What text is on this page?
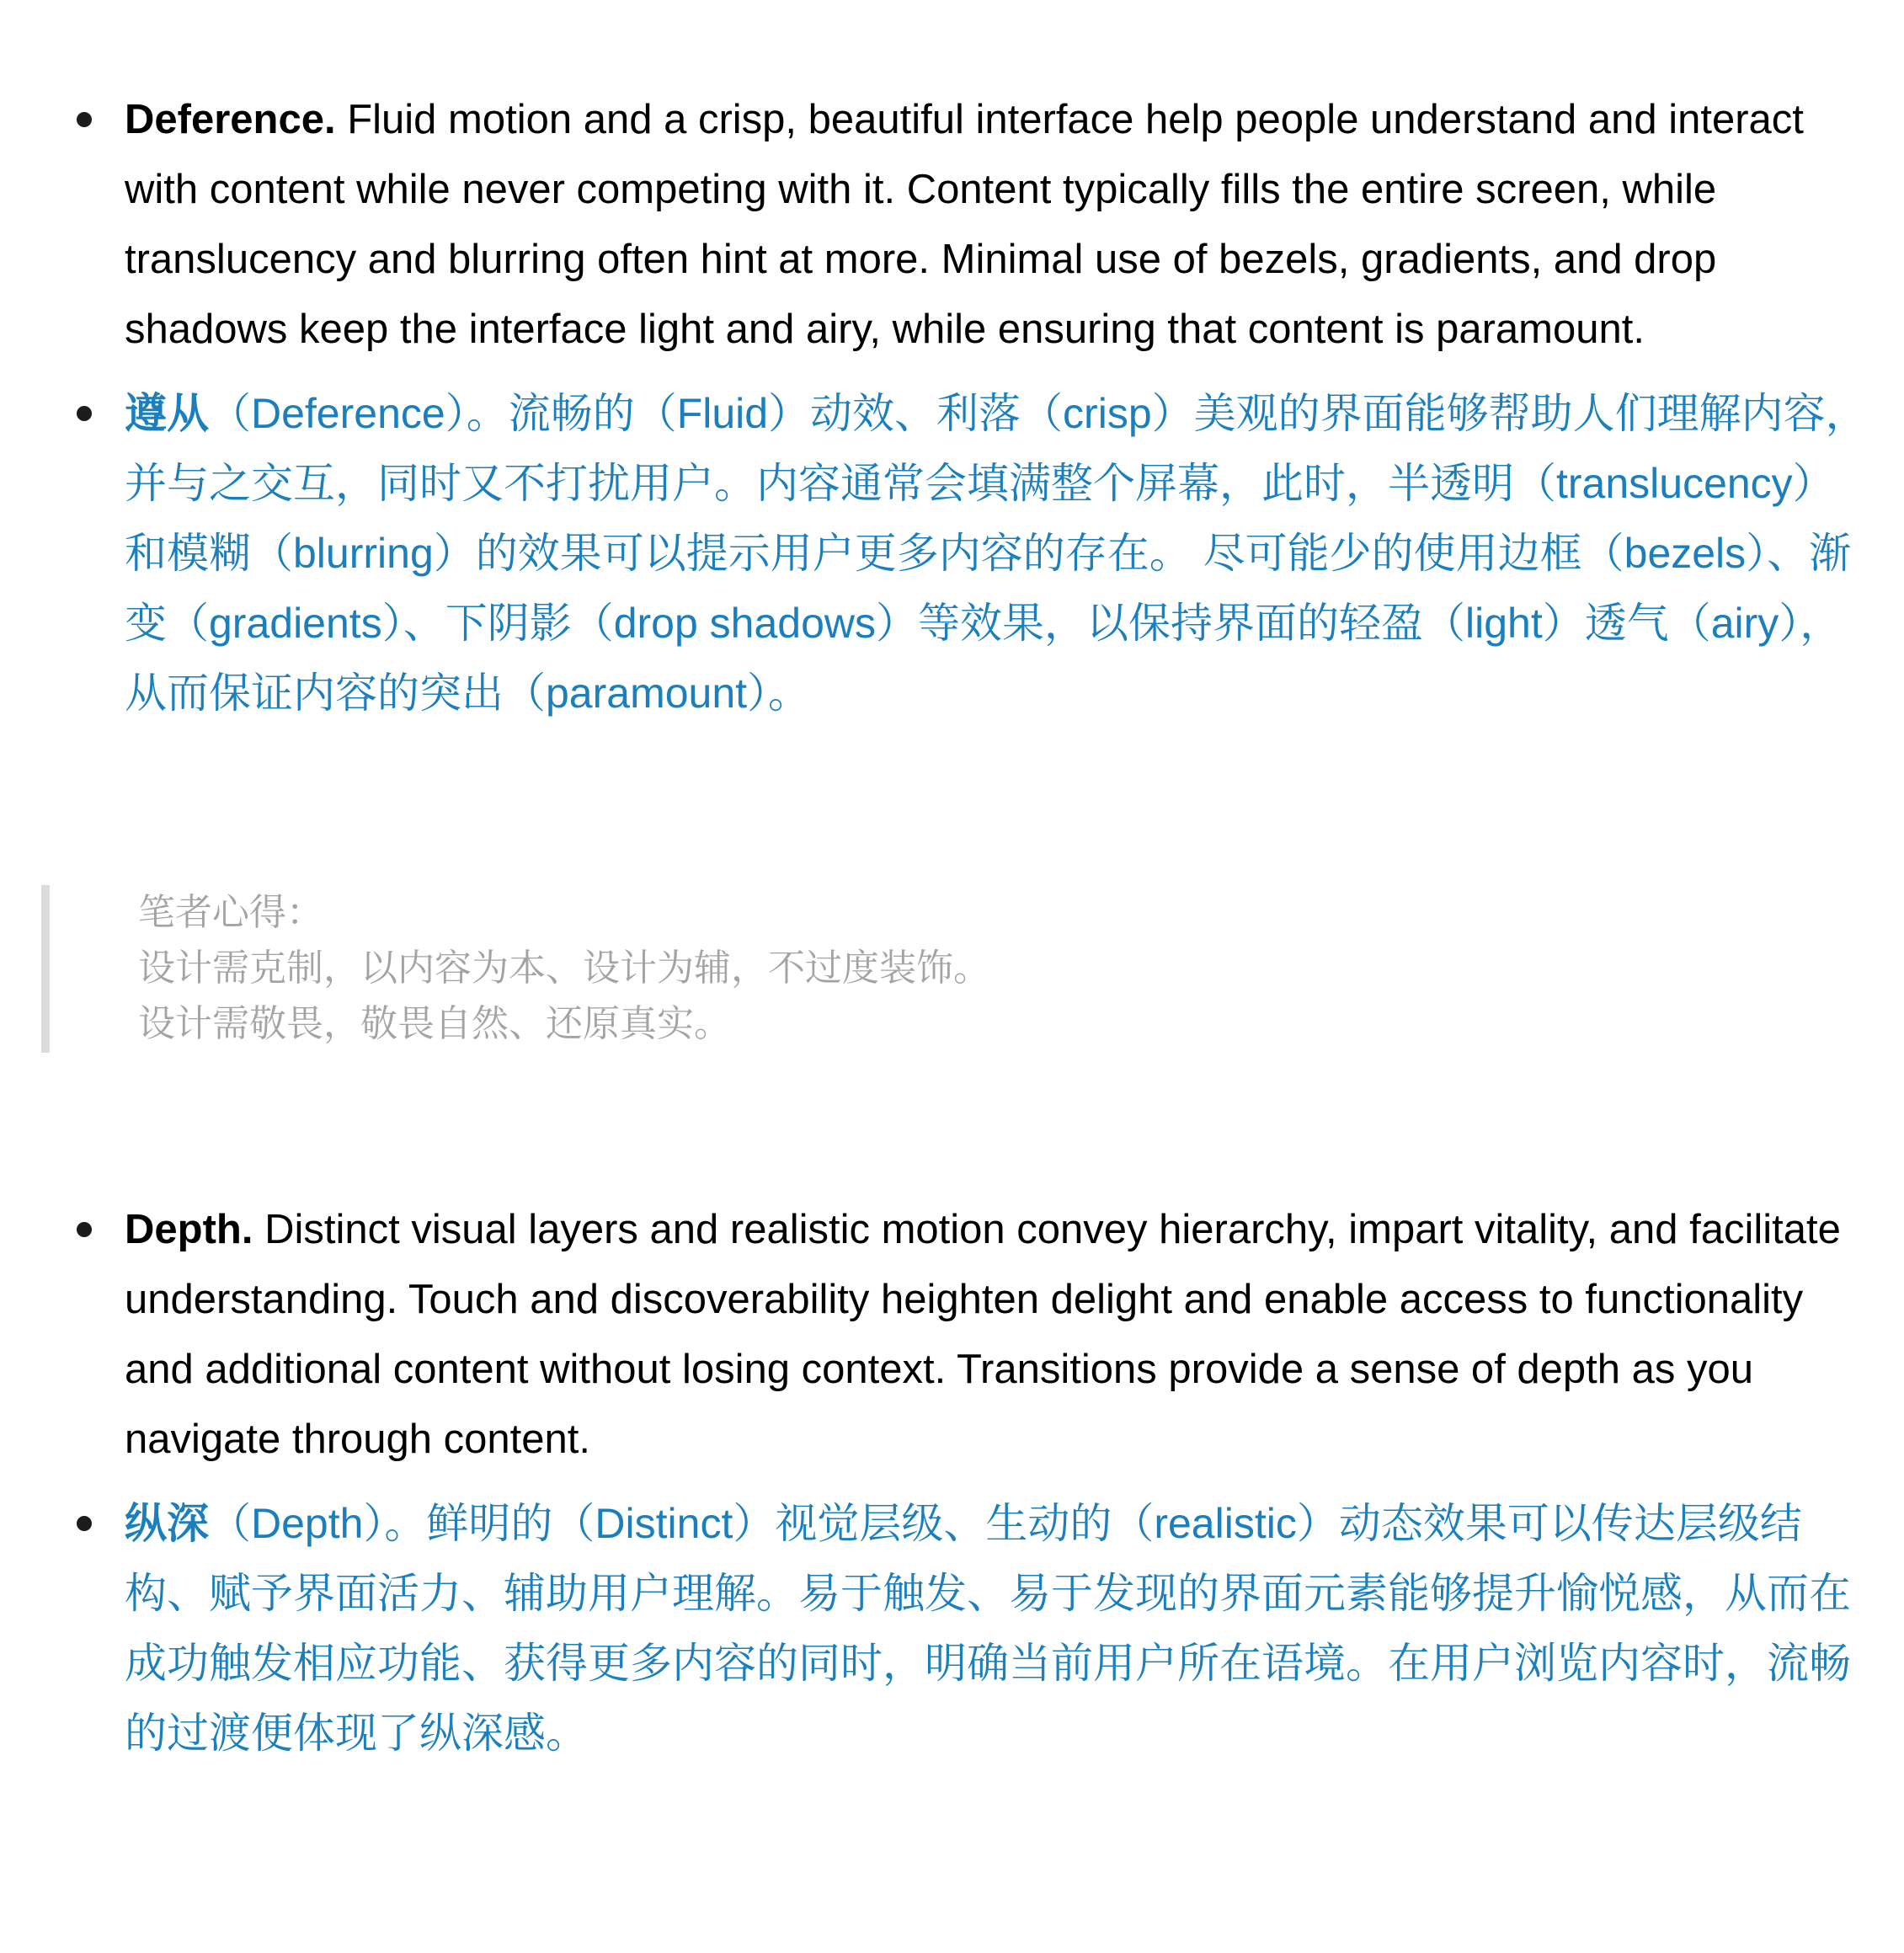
Deference. Fluid motion and a crisp, beautiful interface help people understand and interact with content while never competing with it. Content typically fills the entire screen, while translucency and blurring often hint at more. Minimal use of bezels, gradients, and drop shadows keep the interface light and airy, while ensuring that content is paramount.
遵从（Deference）。流畅的（Fluid）动效、利落（crisp）美观的界面能够帮助人们理解内容，并与之交互，同时又不打扰用户。内容通常会填满整个屏幕，此时，半透明（translucency）和模糊（blurring）的效果可以提示用户更多内容的存在。 尽可能少的使用边框（bezels）、渐变（gradients）、下阴影（drop shadows）等效果，以保持界面的轻盈（light）透气（airy），从而保证内容的突出（paramount）。
笔者心得：
设计需克制，以内容为本、设计为辅，不过度装饰。
设计需敬畏，敬畏自然、还原真实。
Depth. Distinct visual layers and realistic motion convey hierarchy, impart vitality, and facilitate understanding. Touch and discoverability heighten delight and enable access to functionality and additional content without losing context. Transitions provide a sense of depth as you navigate through content.
纵深（Depth）。鲜明的（Distinct）视觉层级、生动的（realistic）动态效果可以传达层级结构、赋予界面活力、辅助用户理解。易于触发、易于发现的界面元素能够提升愉悦感，从而在成功触发相应功能、获得更多内容的同时，明确当前用户所在语境。在用户浏览内容时，流畅的过渡便体现了纵深感。
